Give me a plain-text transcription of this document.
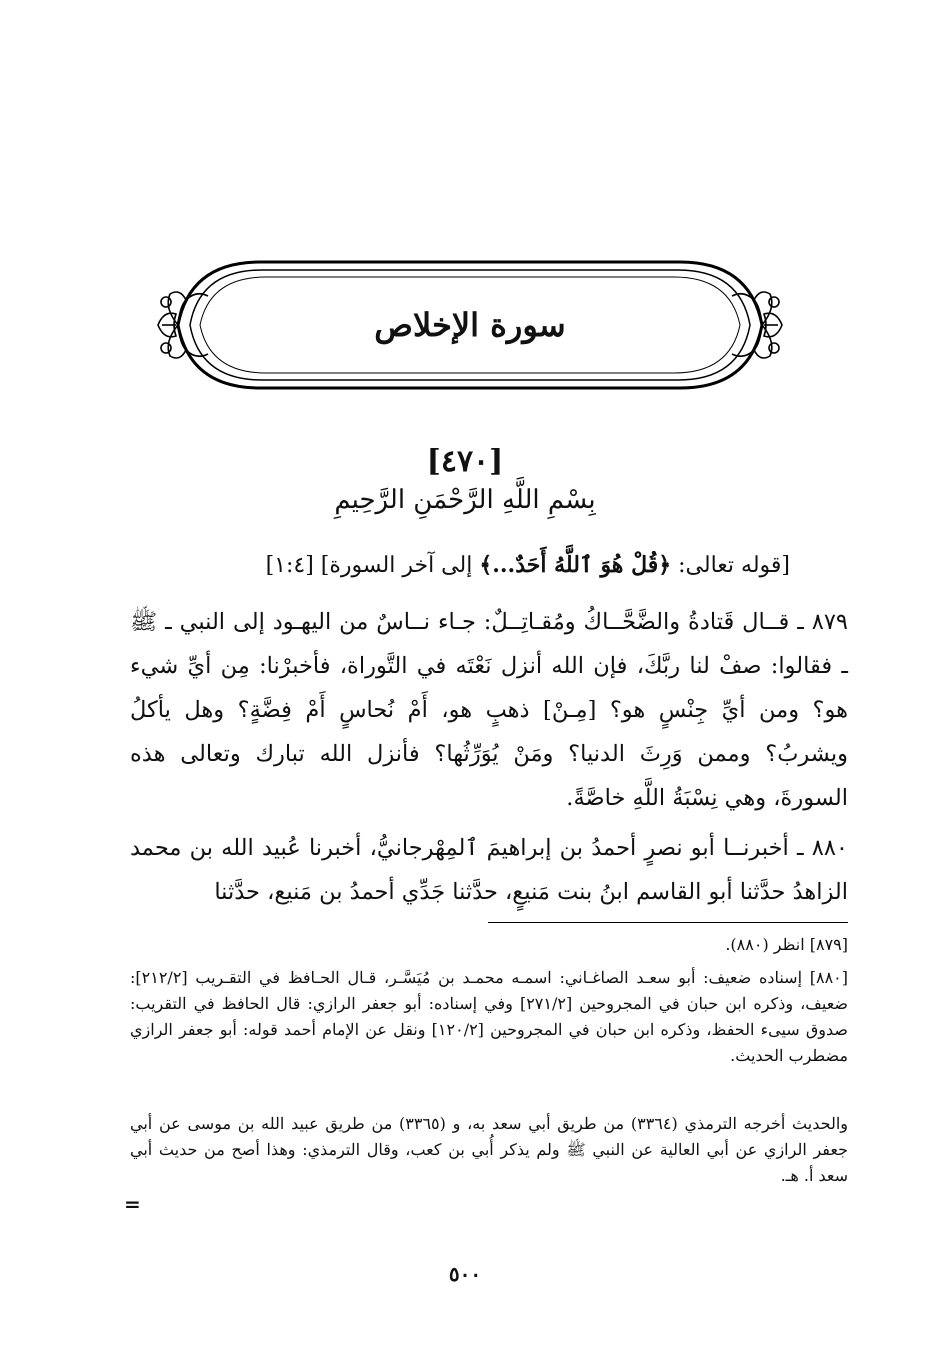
سورة الإخلاص
[٤٧٠]
بِسْمِ اللَّهِ الرَّحْمَنِ الرَّحِيمِ
[قوله تعالى: ﴿قُلْ هُوَ ٱللَّهُ أَحَدٌ...﴾ إلى آخر السورة] [١:٤]
٨٧٩ ـ قــال قَتادةُ والضَّحَّــاكُ ومُقـاتِــلٌ: جـاء نــاسٌ من اليهـود إلى النبي ـ ﷺ ـ فقالوا: صفْ لنا ربَّكَ، فإن الله أنزل نَعْتَه في التَّوراة، فأخبرْنا: مِن أيِّ شيء هو؟ ومن أيِّ جِنْسٍ هو؟ [مِـنْ] ذهبٍ هو، أَمْ نُحاسٍ أَمْ فِضَّةٍ؟ وهل يأكلُ ويشربُ؟ وممن وَرِثَ الدنيا؟ ومَنْ يُوَرِّثُها؟ فأنزل الله تبارك وتعالى هذه السورةَ، وهي نِسْبَةُ اللَّهِ خاصَّةً.
٨٨٠ ـ أخبرنــا أبو نصرٍ أحمدُ بن إبراهيمَ ٱلمِهْرجانيُّ، أخبرنا عُبيد الله بن محمد الزاهدُ حدَّثنا أبو القاسم ابنُ بنت مَنيعٍ، حدَّثنا جَدِّي أحمدُ بن مَنيع، حدَّثنا
[٨٧٩] انظر (٨٨٠).
[٨٨٠] إسناده ضعيف: أبو سعـد الصاغـاني: اسمـه محمـد بن مُيَسَّـر، قـال الحـافظ في التقـريب [٢١٢/٢]: ضعيف، وذكره ابن حبان في المجروحين [٢٧١/٢] وفي إسناده: أبو جعفر الرازي: قال الحافظ في التقريب: صدوق سيىء الحفظ، وذكره ابن حبان في المجروحين [١٢٠/٢] ونقل عن الإمام أحمد قوله: أبو جعفر الرازي مضطرب الحديث.
والحديث أخرجه الترمذي (٣٣٦٤) من طريق أبي سعد به، و (٣٣٦٥) من طريق عبيد الله بن موسى عن أبي جعفر الرازي عن أبي العالية عن النبي ﷺ ولم يذكر أُبي بن كعب، وقال الترمذي: وهذا أصح من حديث أبي سعد أ. هـ.
=
٥٠٠
